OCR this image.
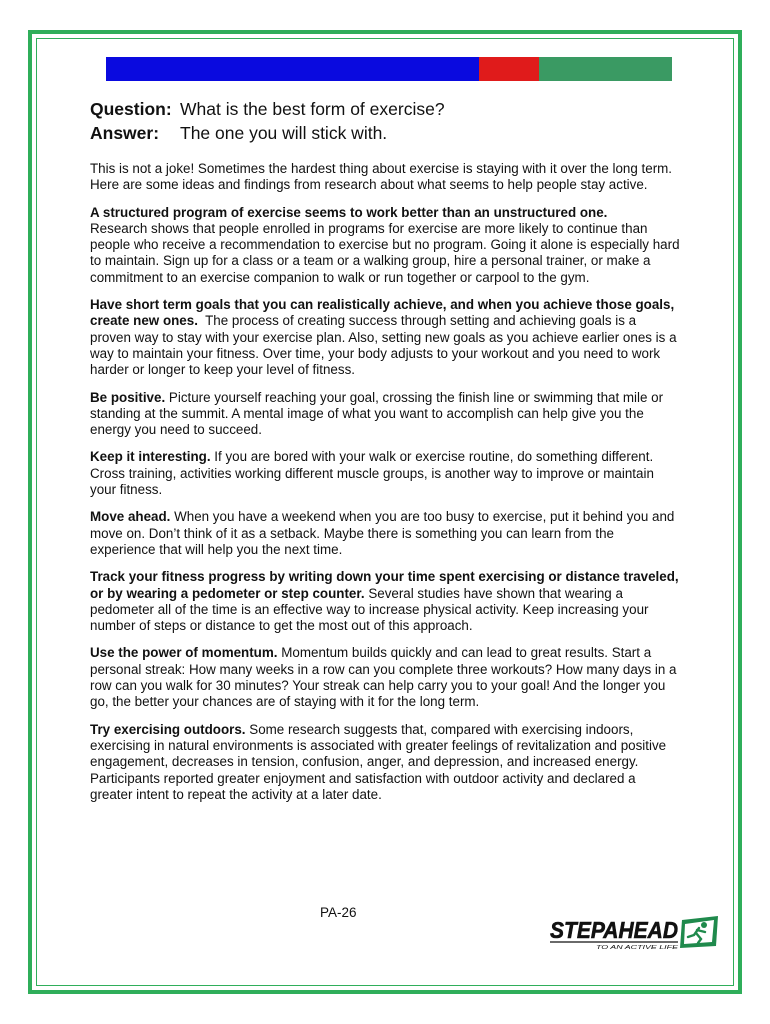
Question: What is the best form of exercise?
Answer:	The one you will stick with.

This is not a joke! Sometimes the hardest thing about exercise is staying with it over the long term. Here are some ideas and findings from research about what seems to help people stay active.

A structured program of exercise seems to work better than an unstructured one.
Research shows that people enrolled in programs for exercise are more likely to continue than people who receive a recommendation to exercise but no program. Going it alone is especially hard to maintain. Sign up for a class or a team or a walking group, hire a personal trainer, or make a commitment to an exercise companion to walk or run together or carpool to the gym.

Have short term goals that you can realistically achieve, and when you achieve those goals, create new ones. The process of creating success through setting and achieving goals is a proven way to stay with your exercise plan. Also, setting new goals as you achieve earlier ones is a way to maintain your fitness. Over time, your body adjusts to your workout and you need to work harder or longer to keep your level of fitness.

Be positive. Picture yourself reaching your goal, crossing the finish line or swimming that mile or standing at the summit. A mental image of what you want to accomplish can help give you the energy you need to succeed.

Keep it interesting. If you are bored with your walk or exercise routine, do something different. Cross training, activities working different muscle groups, is another way to improve or maintain your fitness.

Move ahead. When you have a weekend when you are too busy to exercise, put it behind you and move on. Don’t think of it as a setback. Maybe there is something you can learn from the experience that will help you the next time.

Track your fitness progress by writing down your time spent exercising or distance traveled, or by wearing a pedometer or step counter. Several studies have shown that wearing a pedometer all of the time is an effective way to increase physical activity. Keep increasing your number of steps or distance to get the most out of this approach.

Use the power of momentum. Momentum builds quickly and can lead to great results. Start a personal streak: How many weeks in a row can you complete three workouts? How many days in a row can you walk for 30 minutes? Your streak can help carry you to your goal! And the longer you go, the better your chances are of staying with it for the long term.

Try exercising outdoors. Some research suggests that, compared with exercising indoors, exercising in natural environments is associated with greater feelings of revitalization and positive engagement, decreases in tension, confusion, anger, and depression, and increased energy. Participants reported greater enjoyment and satisfaction with outdoor activity and declared a greater intent to repeat the activity at a later date.

PA-26
STEPAHEAD
TO AN ACTIVE LIFE
